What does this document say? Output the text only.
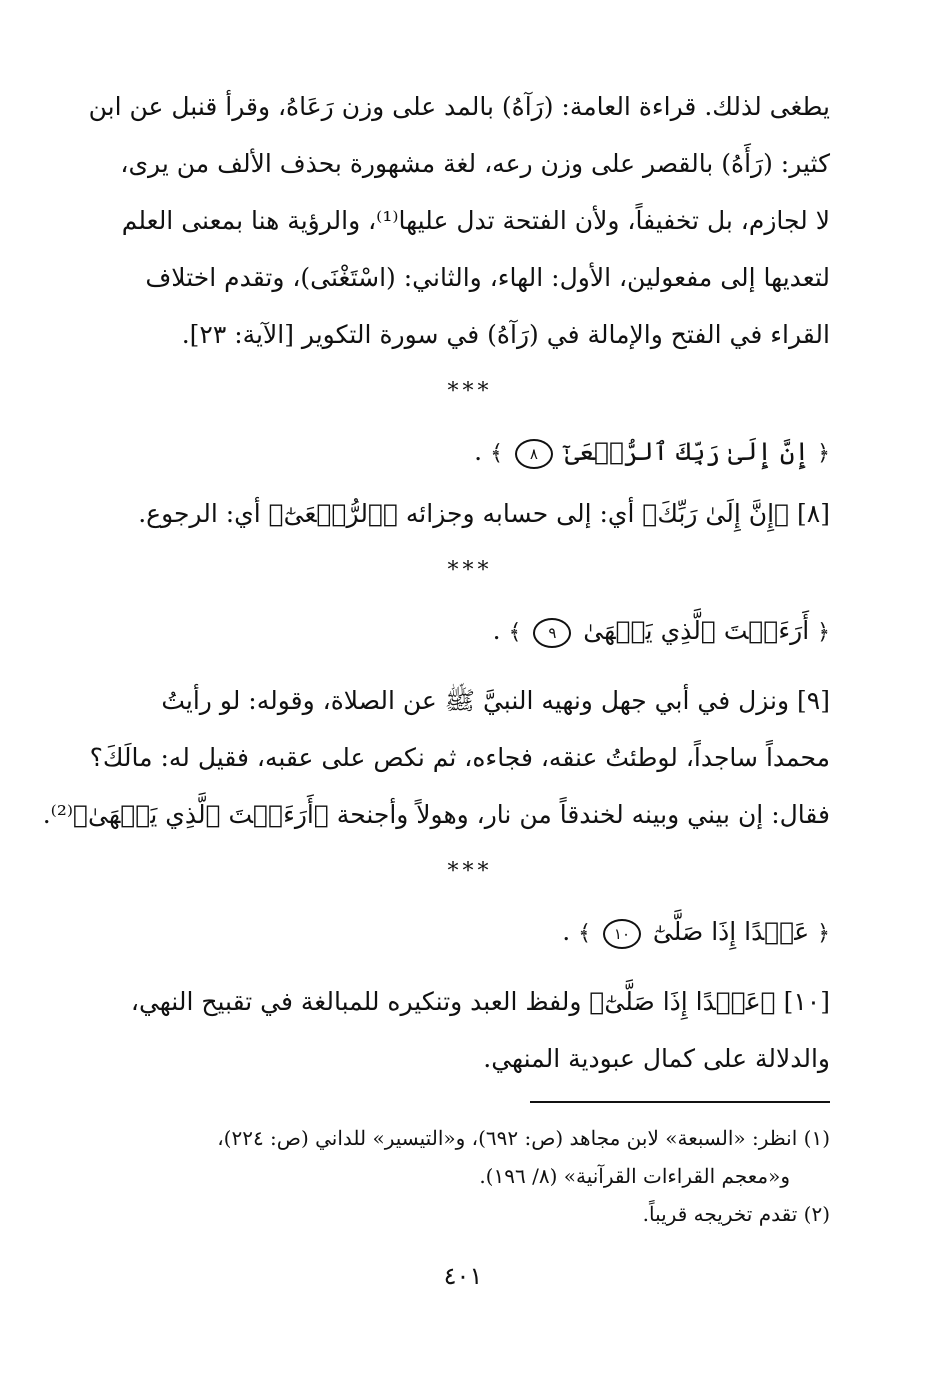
يطغى لذلك. قراءة العامة: (رَآهُ) بالمد على وزن رَعَاهُ، وقرأ قنبل عن ابن
كثير: (رَأَهُ) بالقصر على وزن رعه، لغة مشهورة بحذف الألف من يرى،
لا لجازم، بل تخفيفاً، ولأن الفتحة تدل عليها⁽¹⁾، والرؤية هنا بمعنى العلم
لتعديها إلى مفعولين، الأول: الهاء، والثاني: (اسْتَغْنَى)، وتقدم اختلاف
القراء في الفتح والإمالة في (رَآهُ) في سورة التكوير [الآية: ٢٣].

***

﴿ إِنَّ إِلَىٰ رَبِّكَ ٱلرُّجۡعَىٰٓ ٨ ﴾ .

[٨] ﴿إِنَّ إِلَىٰ رَبِّكَ﴾ أي: إلى حسابه وجزائه ﴿ٱلرُّجۡعَىٰٓ﴾ أي: الرجوع.

***

﴿ أَرَءَيۡتَ ٱلَّذِي يَنۡهَىٰ ٩ ﴾ .

[٩] ونزل في أبي جهل ونهيه النبيَّ ﷺ عن الصلاة، وقوله: لو رأيتُ
محمداً ساجداً، لوطئتُ عنقه، فجاءه، ثم نكص على عقبه، فقيل له: مالَكَ؟
فقال: إن بيني وبينه لخندقاً من نار، وهولاً وأجنحة ﴿أَرَءَيۡتَ ٱلَّذِي يَنۡهَىٰ﴾⁽²⁾.

***

﴿ عَبۡدًا إِذَا صَلَّىٰٓ ١٠ ﴾ .

[١٠] ﴿عَبۡدًا إِذَا صَلَّىٰٓ﴾ ولفظ العبد وتنكيره للمبالغة في تقبيح النهي،
والدلالة على كمال عبودية المنهي.

(١) انظر: «السبعة» لابن مجاهد (ص: ٦٩٢)، و«التيسير» للداني (ص: ٢٢٤)،
و«معجم القراءات القرآنية» (٨/ ١٩٦).
(٢) تقدم تخريجه قريباً.
٤٠١
